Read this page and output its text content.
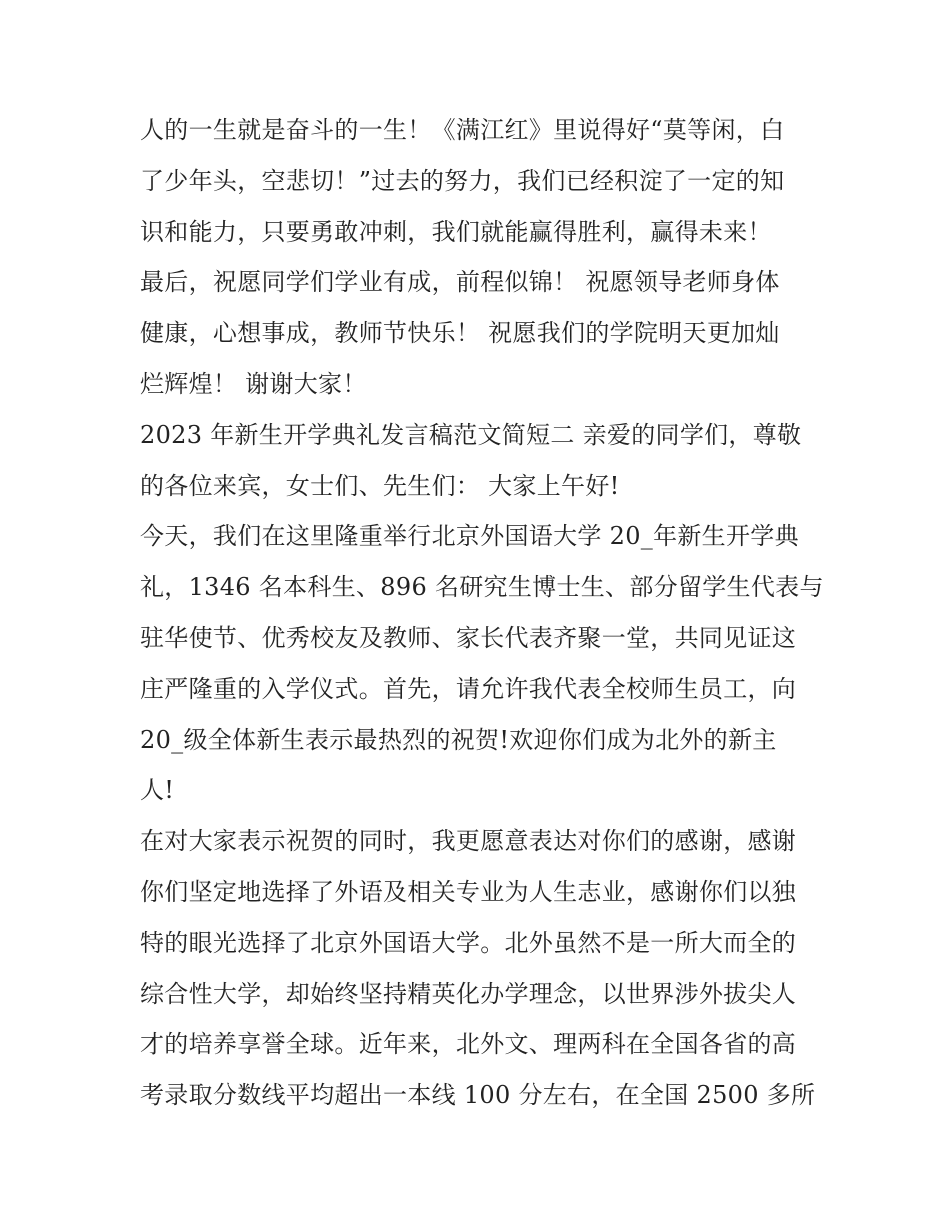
人的一生就是奋斗的一生！《满江红》里说得好“莫等闲，白
了少年头，空悲切！”过去的努力，我们已经积淀了一定的知
识和能力，只要勇敢冲刺，我们就能赢得胜利，赢得未来！
最后，祝愿同学们学业有成，前程似锦！ 祝愿领导老师身体
健康，心想事成，教师节快乐！ 祝愿我们的学院明天更加灿
烂辉煌！ 谢谢大家！
2023 年新生开学典礼发言稿范文简短二 亲爱的同学们，尊敬
的各位来宾，女士们、先生们： 大家上午好!
今天，我们在这里隆重举行北京外国语大学 20_年新生开学典
礼，1346 名本科生、896 名研究生博士生、部分留学生代表与
驻华使节、优秀校友及教师、家长代表齐聚一堂，共同见证这
庄严隆重的入学仪式。首先，请允许我代表全校师生员工，向
20_级全体新生表示最热烈的祝贺!欢迎你们成为北外的新主
人!
在对大家表示祝贺的同时，我更愿意表达对你们的感谢，感谢
你们坚定地选择了外语及相关专业为人生志业，感谢你们以独
特的眼光选择了北京外国语大学。北外虽然不是一所大而全的
综合性大学，却始终坚持精英化办学理念，以世界涉外拔尖人
才的培养享誉全球。近年来，北外文、理两科在全国各省的高
考录取分数线平均超出一本线 100 分左右，在全国 2500 多所
